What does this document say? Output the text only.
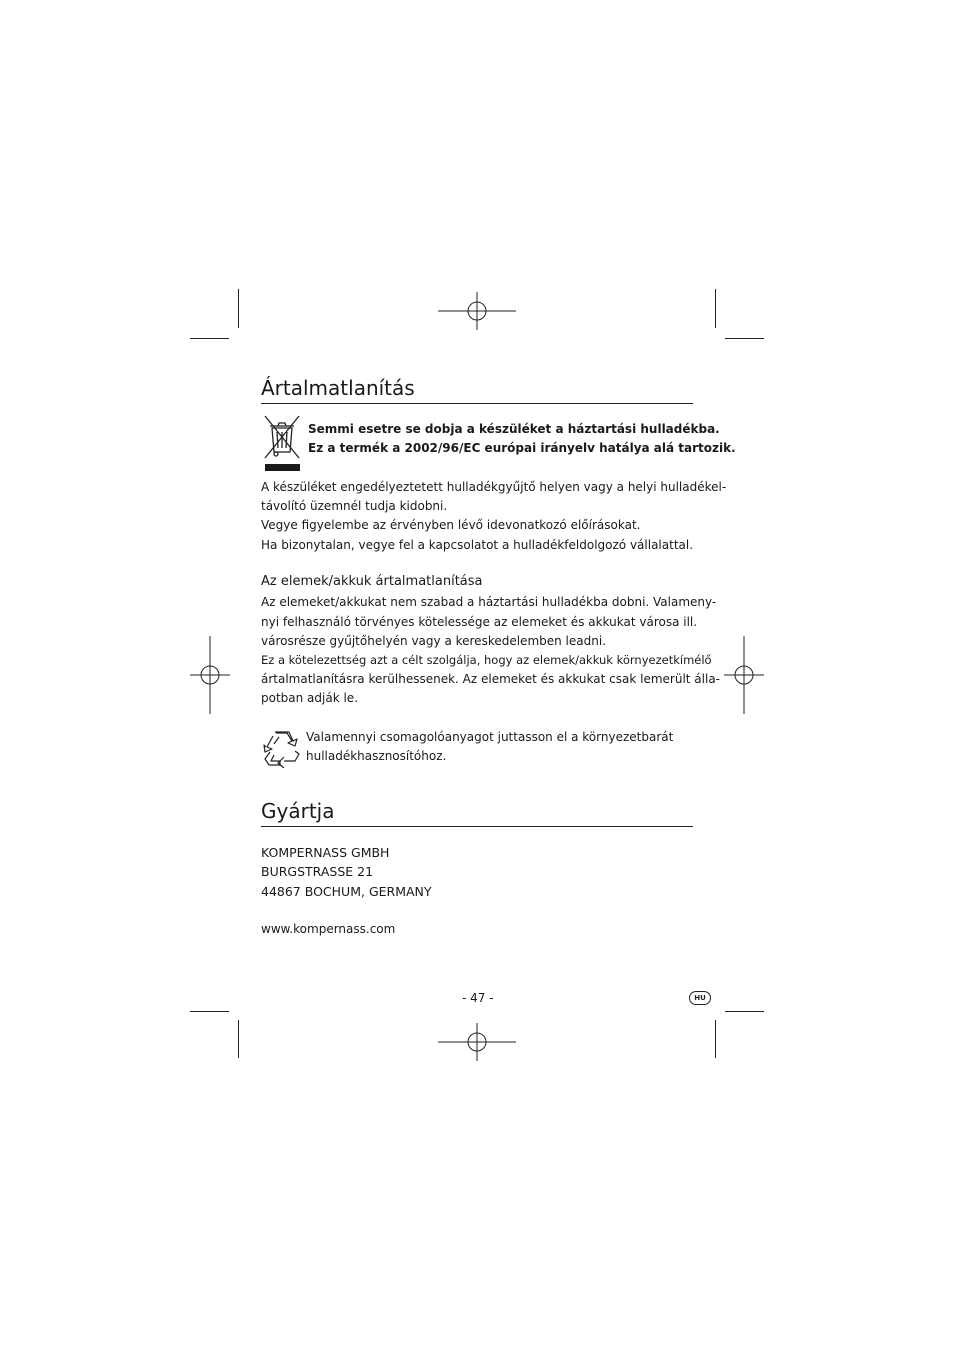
Ártalmatlanítás
Semmi esetre se dobja a készüléket a háztartási hulladékba.
Ez a termék a 2002/96/EC európai irányelv hatálya alá tartozik.
A készüléket engedélyeztetett hulladékgyűjtő helyen vagy a helyi hulladékel-
távolító üzemnél tudja kidobni.
Vegye figyelembe az érvényben lévő idevonatkozó előírásokat.
Ha bizonytalan, vegye fel a kapcsolatot a hulladékfeldolgozó vállalattal.
Az elemek/akkuk ártalmatlanítása
Az elemeket/akkukat nem szabad a háztartási hulladékba dobni. Valameny-
nyi felhasználó törvényes kötelessége az elemeket és akkukat városa ill.
városrésze gyűjtőhelyén vagy a kereskedelemben leadni.
Ez a kötelezettség azt a célt szolgálja, hogy az elemek/akkuk környezetkímélő
ártalmatlanításra kerülhessenek. Az elemeket és akkukat csak lemerült álla-
potban adják le.
Valamennyi csomagolóanyagot juttasson el a környezetbarát
hulladékhasznosítóhoz.
Gyártja
KOMPERNASS GMBH
BURGSTRASSE 21
44867 BOCHUM, GERMANY
www.kompernass.com
- 47 -	HU
